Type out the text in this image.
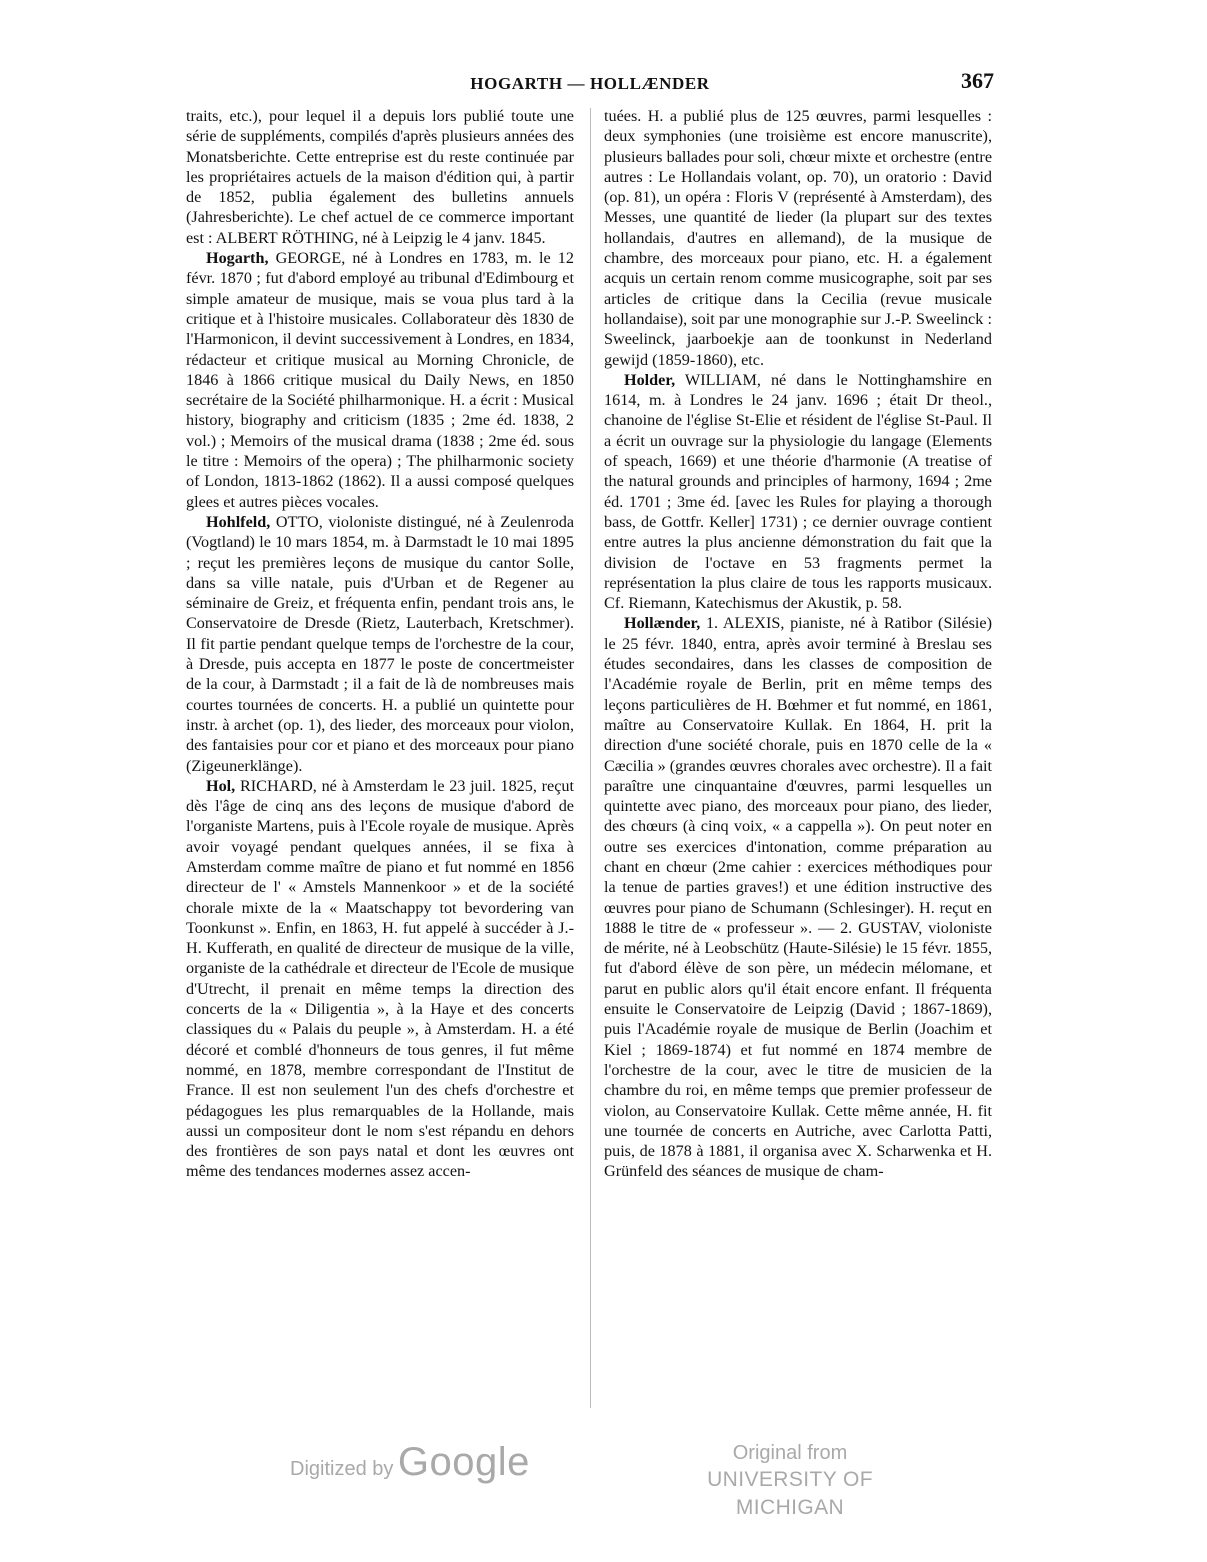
HOGARTH — HOLLÆNDER	367

traits, etc.), pour lequel il a depuis lors publié toute une série de suppléments, compilés d'après plusieurs années des Monatsberichte. Cette entreprise est du reste continuée par les propriétaires actuels de la maison d'édition qui, à partir de 1852, publia également des bulletins annuels (Jahresberichte). Le chef actuel de ce commerce important est : ALBERT RÖTHING, né à Leipzig le 4 janv. 1845.

Hogarth, GEORGE, né à Londres en 1783, m. le 12 févr. 1870 ; fut d'abord employé au tribunal d'Edimbourg et simple amateur de musique, mais se voua plus tard à la critique et à l'histoire musicales. Collaborateur dès 1830 de l'Harmonicon, il devint successivement à Londres, en 1834, rédacteur et critique musical au Morning Chronicle, de 1846 à 1866 critique musical du Daily News, en 1850 secrétaire de la Société philharmonique. H. a écrit : Musical history, biography and criticism (1835 ; 2me éd. 1838, 2 vol.) ; Memoirs of the musical drama (1838 ; 2me éd. sous le titre : Memoirs of the opera) ; The philharmonic society of London, 1813-1862 (1862). Il a aussi composé quelques glees et autres pièces vocales.

Hohlfeld, OTTO, violoniste distingué, né à Zeulenroda (Vogtland) le 10 mars 1854, m. à Darmstadt le 10 mai 1895 ; reçut les premières leçons de musique du cantor Solle, dans sa ville natale, puis d'Urban et de Regener au séminaire de Greiz, et fréquenta enfin, pendant trois ans, le Conservatoire de Dresde (Rietz, Lauterbach, Kretschmer). Il fit partie pendant quelque temps de l'orchestre de la cour, à Dresde, puis accepta en 1877 le poste de concertmeister de la cour, à Darmstadt ; il a fait de là de nombreuses mais courtes tournées de concerts. H. a publié un quintette pour instr. à archet (op. 1), des lieder, des morceaux pour violon, des fantaisies pour cor et piano et des morceaux pour piano (Zigeunerklänge).

Hol, RICHARD, né à Amsterdam le 23 juil. 1825, reçut dès l'âge de cinq ans des leçons de musique d'abord de l'organiste Martens, puis à l'Ecole royale de musique. Après avoir voyagé pendant quelques années, il se fixa à Amsterdam comme maître de piano et fut nommé en 1856 directeur de l' « Amstels Mannenkoor » et de la société chorale mixte de la « Maatschappy tot bevordering van Toonkunst ». Enfin, en 1863, H. fut appelé à succéder à J.-H. Kufferath, en qualité de directeur de musique de la ville, organiste de la cathédrale et directeur de l'Ecole de musique d'Utrecht, il prenait en même temps la direction des concerts de la « Diligentia », à la Haye et des concerts classiques du « Palais du peuple », à Amsterdam. H. a été décoré et comblé d'honneurs de tous genres, il fut même nommé, en 1878, membre correspondant de l'Institut de France. Il est non seulement l'un des chefs d'orchestre et pédagogues les plus remarquables de la Hollande, mais aussi un compositeur dont le nom s'est répandu en dehors des frontières de son pays natal et dont les œuvres ont même des tendances modernes assez accen-

tuées. H. a publié plus de 125 œuvres, parmi lesquelles : deux symphonies (une troisième est encore manuscrite), plusieurs ballades pour soli, chœur mixte et orchestre (entre autres : Le Hollandais volant, op. 70), un oratorio : David (op. 81), un opéra : Floris V (représenté à Amsterdam), des Messes, une quantité de lieder (la plupart sur des textes hollandais, d'autres en allemand), de la musique de chambre, des morceaux pour piano, etc. H. a également acquis un certain renom comme musicographe, soit par ses articles de critique dans la Cecilia (revue musicale hollandaise), soit par une monographie sur J.-P. Sweelinck : Sweelinck, jaarboekje aan de toonkunst in Nederland gewijd (1859-1860), etc.

Holder, WILLIAM, né dans le Nottinghamshire en 1614, m. à Londres le 24 janv. 1696 ; était Dr theol., chanoine de l'église St-Elie et résident de l'église St-Paul. Il a écrit un ouvrage sur la physiologie du langage (Elements of speach, 1669) et une théorie d'harmonie (A treatise of the natural grounds and principles of harmony, 1694 ; 2me éd. 1701 ; 3me éd. [avec les Rules for playing a thorough bass, de Gottfr. Keller] 1731) ; ce dernier ouvrage contient entre autres la plus ancienne démonstration du fait que la division de l'octave en 53 fragments permet la représentation la plus claire de tous les rapports musicaux. Cf. Riemann, Katechismus der Akustik, p. 58.

Hollænder, 1. ALEXIS, pianiste, né à Ratibor (Silésie) le 25 févr. 1840, entra, après avoir terminé à Breslau ses études secondaires, dans les classes de composition de l'Académie royale de Berlin, prit en même temps des leçons particulières de H. Bœhmer et fut nommé, en 1861, maître au Conservatoire Kullak. En 1864, H. prit la direction d'une société chorale, puis en 1870 celle de la « Cæcilia » (grandes œuvres chorales avec orchestre). Il a fait paraître une cinquantaine d'œuvres, parmi lesquelles un quintette avec piano, des morceaux pour piano, des lieder, des chœurs (à cinq voix, « a cappella »). On peut noter en outre ses exercices d'intonation, comme préparation au chant en chœur (2me cahier : exercices méthodiques pour la tenue de parties graves!) et une édition instructive des œuvres pour piano de Schumann (Schlesinger). H. reçut en 1888 le titre de « professeur ». — 2. GUSTAV, violoniste de mérite, né à Leobschütz (Haute-Silésie) le 15 févr. 1855, fut d'abord élève de son père, un médecin mélomane, et parut en public alors qu'il était encore enfant. Il fréquenta ensuite le Conservatoire de Leipzig (David ; 1867-1869), puis l'Académie royale de musique de Berlin (Joachim et Kiel ; 1869-1874) et fut nommé en 1874 membre de l'orchestre de la cour, avec le titre de musicien de la chambre du roi, en même temps que premier professeur de violon, au Conservatoire Kullak. Cette même année, H. fit une tournée de concerts en Autriche, avec Carlotta Patti, puis, de 1878 à 1881, il organisa avec X. Scharwenka et H. Grünfeld des séances de musique de cham-

Digitized by Google	Original from
UNIVERSITY OF MICHIGAN
